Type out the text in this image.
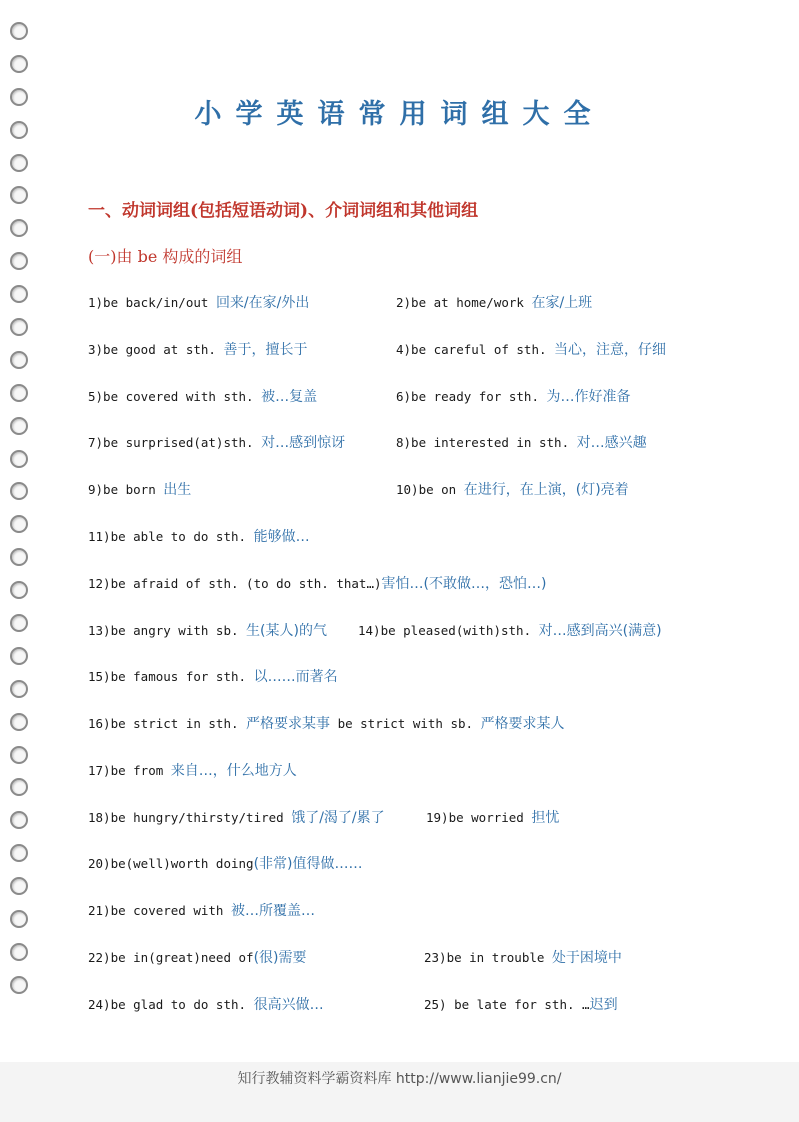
小学英语常用词组大全
一、动词词组(包括短语动词)、介词词组和其他词组
(一)由 be 构成的词组
1)be back/in/out 回来/在家/外出	2)be at home/work 在家/上班
3)be good at sth. 善于，擅长于	4)be careful of sth. 当心，注意，仔细
5)be covered with sth. 被…复盖	6)be ready for sth. 为…作好准备
7)be surprised(at)sth. 对…感到惊讶	8)be interested in sth. 对…感兴趣
9)be born 出生	10)be on 在进行，在上演，(灯)亮着
11)be able to do sth. 能够做…
12)be afraid of sth. (to do sth. that…)害怕…(不敢做…，恐怕…)
13)be angry with sb. 生(某人)的气 14)be pleased(with)sth. 对…感到高兴(满意)
15)be famous for sth. 以……而著名
16)be strict in sth. 严格要求某事 be strict with sb. 严格要求某人
17)be from 来自…，什么地方人
18)be hungry/thirsty/tired 饿了/渴了/累了	19)be worried 担忧
20)be(well)worth doing(非常)值得做……
21)be covered with 被…所覆盖…
22)be in(great)need of(很)需要	23)be in trouble 处于困境中
24)be glad to do sth. 很高兴做…	25) be late for sth. …迟到
知行教辅资料学霸资料库 http://www.lianjie99.cn/
